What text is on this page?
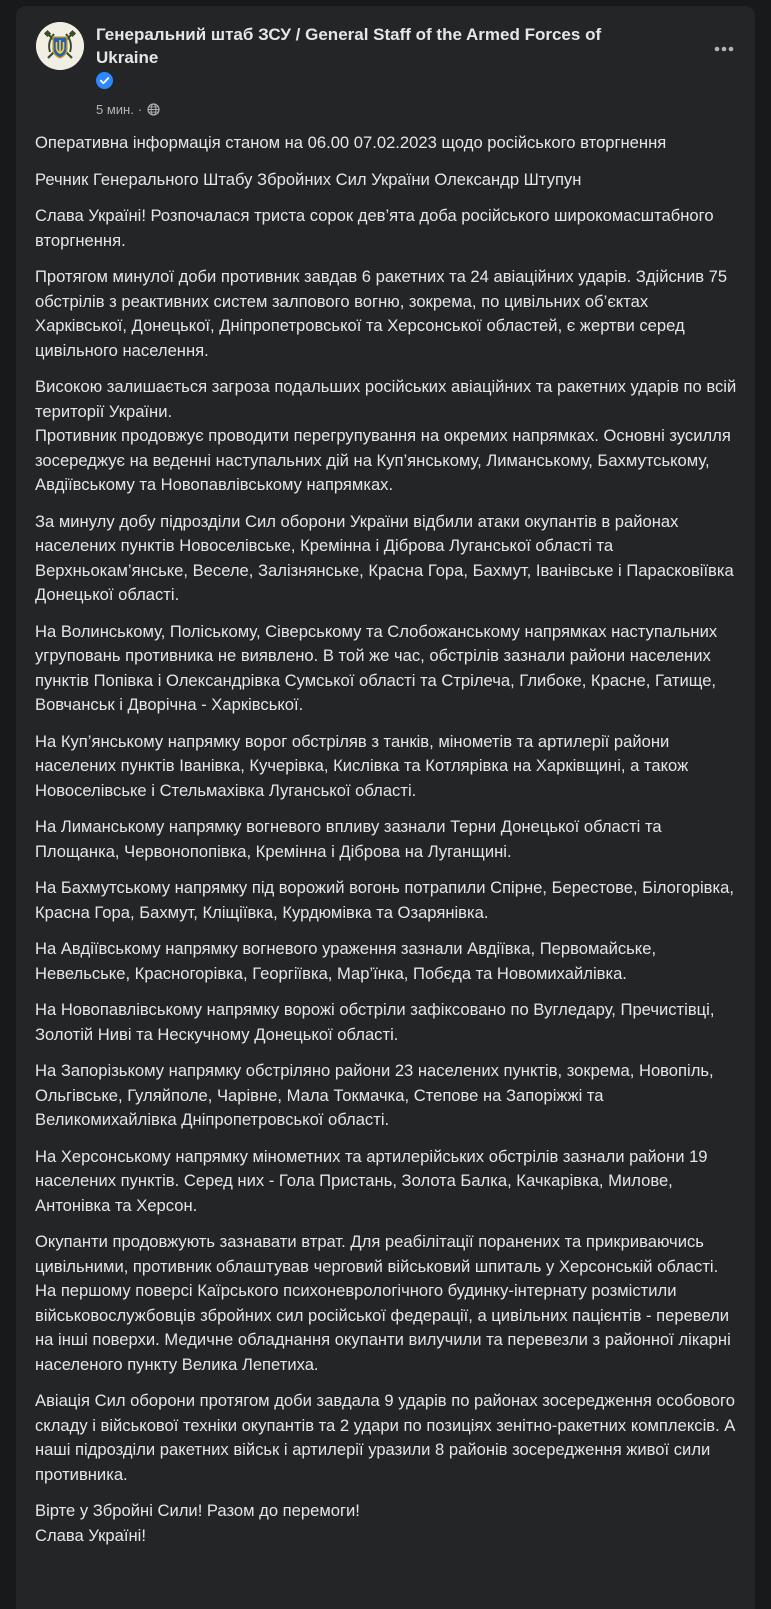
Генеральний штаб ЗСУ / General Staff of the Armed Forces of Ukraine
5 мин. ·

Оперативна інформація станом на 06.00 07.02.2023 щодо російського вторгнення

Речник Генерального Штабу Збройних Сил України Олександр Штупун

Слава Україні! Розпочалася триста сорок дев’ята доба російського широкомасштабного вторгнення.

Протягом минулої доби противник завдав 6 ракетних та 24 авіаційних ударів. Здійснив 75 обстрілів з реактивних систем залпового вогню, зокрема, по цивільних об’єктах Харківської, Донецької, Дніпропетровської та Херсонської областей, є жертви серед цивільного населення.

Високою залишається загроза подальших російських авіаційних та ракетних ударів по всій території України.
Противник продовжує проводити перегрупування на окремих напрямках. Основні зусилля зосереджує на веденні наступальних дій на Куп’янському, Лиманському, Бахмутському, Авдіївському та Новопавлівському напрямках.

За минулу добу підрозділи Сил оборони України відбили атаки окупантів в районах населених пунктів Новоселівське, Кремінна і Діброва Луганської області та Верхньокам’янське, Веселе, Залізнянське, Красна Гора, Бахмут, Іванівське і Парасковіївка Донецької області.

На Волинському, Поліському, Сіверському та Слобожанському напрямках наступальних угруповань противника не виявлено. В той же час, обстрілів зазнали райони населених пунктів Попівка і Олександрівка Сумської області та Стрілеча, Глибоке, Красне, Гатище, Вовчанськ і Дворічна - Харківської.

На Куп’янському напрямку ворог обстріляв з танків, мінометів та артилерії райони населених пунктів Іванівка, Кучерівка, Кислівка та Котлярівка на Харківщині, а також Новоселівське і Стельмахівка Луганської області.

На Лиманському напрямку вогневого впливу зазнали Терни Донецької області та Площанка, Червонопопівка, Кремінна і Діброва на Луганщині.

На Бахмутському напрямку під ворожий вогонь потрапили Спірне, Берестове, Білогорівка, Красна Гора, Бахмут, Кліщіївка, Курдюмівка та Озарянівка.

На Авдіївському напрямку вогневого ураження зазнали Авдіївка, Первомайське, Невельське, Красногорівка, Георгіївка, Мар’їнка, Побєда та Новомихайлівка.

На Новопавлівському напрямку ворожі обстріли зафіксовано по Вугледару, Пречистівці, Золотій Ниві та Нескучному Донецької області.

На Запорізькому напрямку обстріляно райони 23 населених пунктів, зокрема, Новопіль, Ольгівське, Гуляйполе, Чарівне, Мала Токмачка, Степове на Запоріжжі та Великомихайлівка Дніпропетровської області.

На Херсонському напрямку мінометних та артилерійських обстрілів зазнали райони 19 населених пунктів. Серед них - Гола Пристань, Золота Балка, Качкарівка, Милове, Антонівка та Херсон.

Окупанти продовжують зазнавати втрат. Для реабілітації поранених та прикриваючись цивільними, противник облаштував черговий військовий шпиталь у Херсонській області. На першому поверсі Каїрського психоневрологічного будинку-інтернату розмістили військовослужбовців збройних сил російської федерації, а цивільних пацієнтів - перевели на інші поверхи. Медичне обладнання окупанти вилучили та перевезли з районної лікарні населеного пункту Велика Лепетиха.

Авіація Сил оборони протягом доби завдала 9 ударів по районах зосередження особового складу і військової техніки окупантів та 2 удари по позиціях зенітно-ракетних комплексів. А наші підрозділи ракетних військ і артилерії уразили 8 районів зосередження живої сили противника.

Вірте у Збройні Сили! Разом до перемоги!
Слава Україні!
